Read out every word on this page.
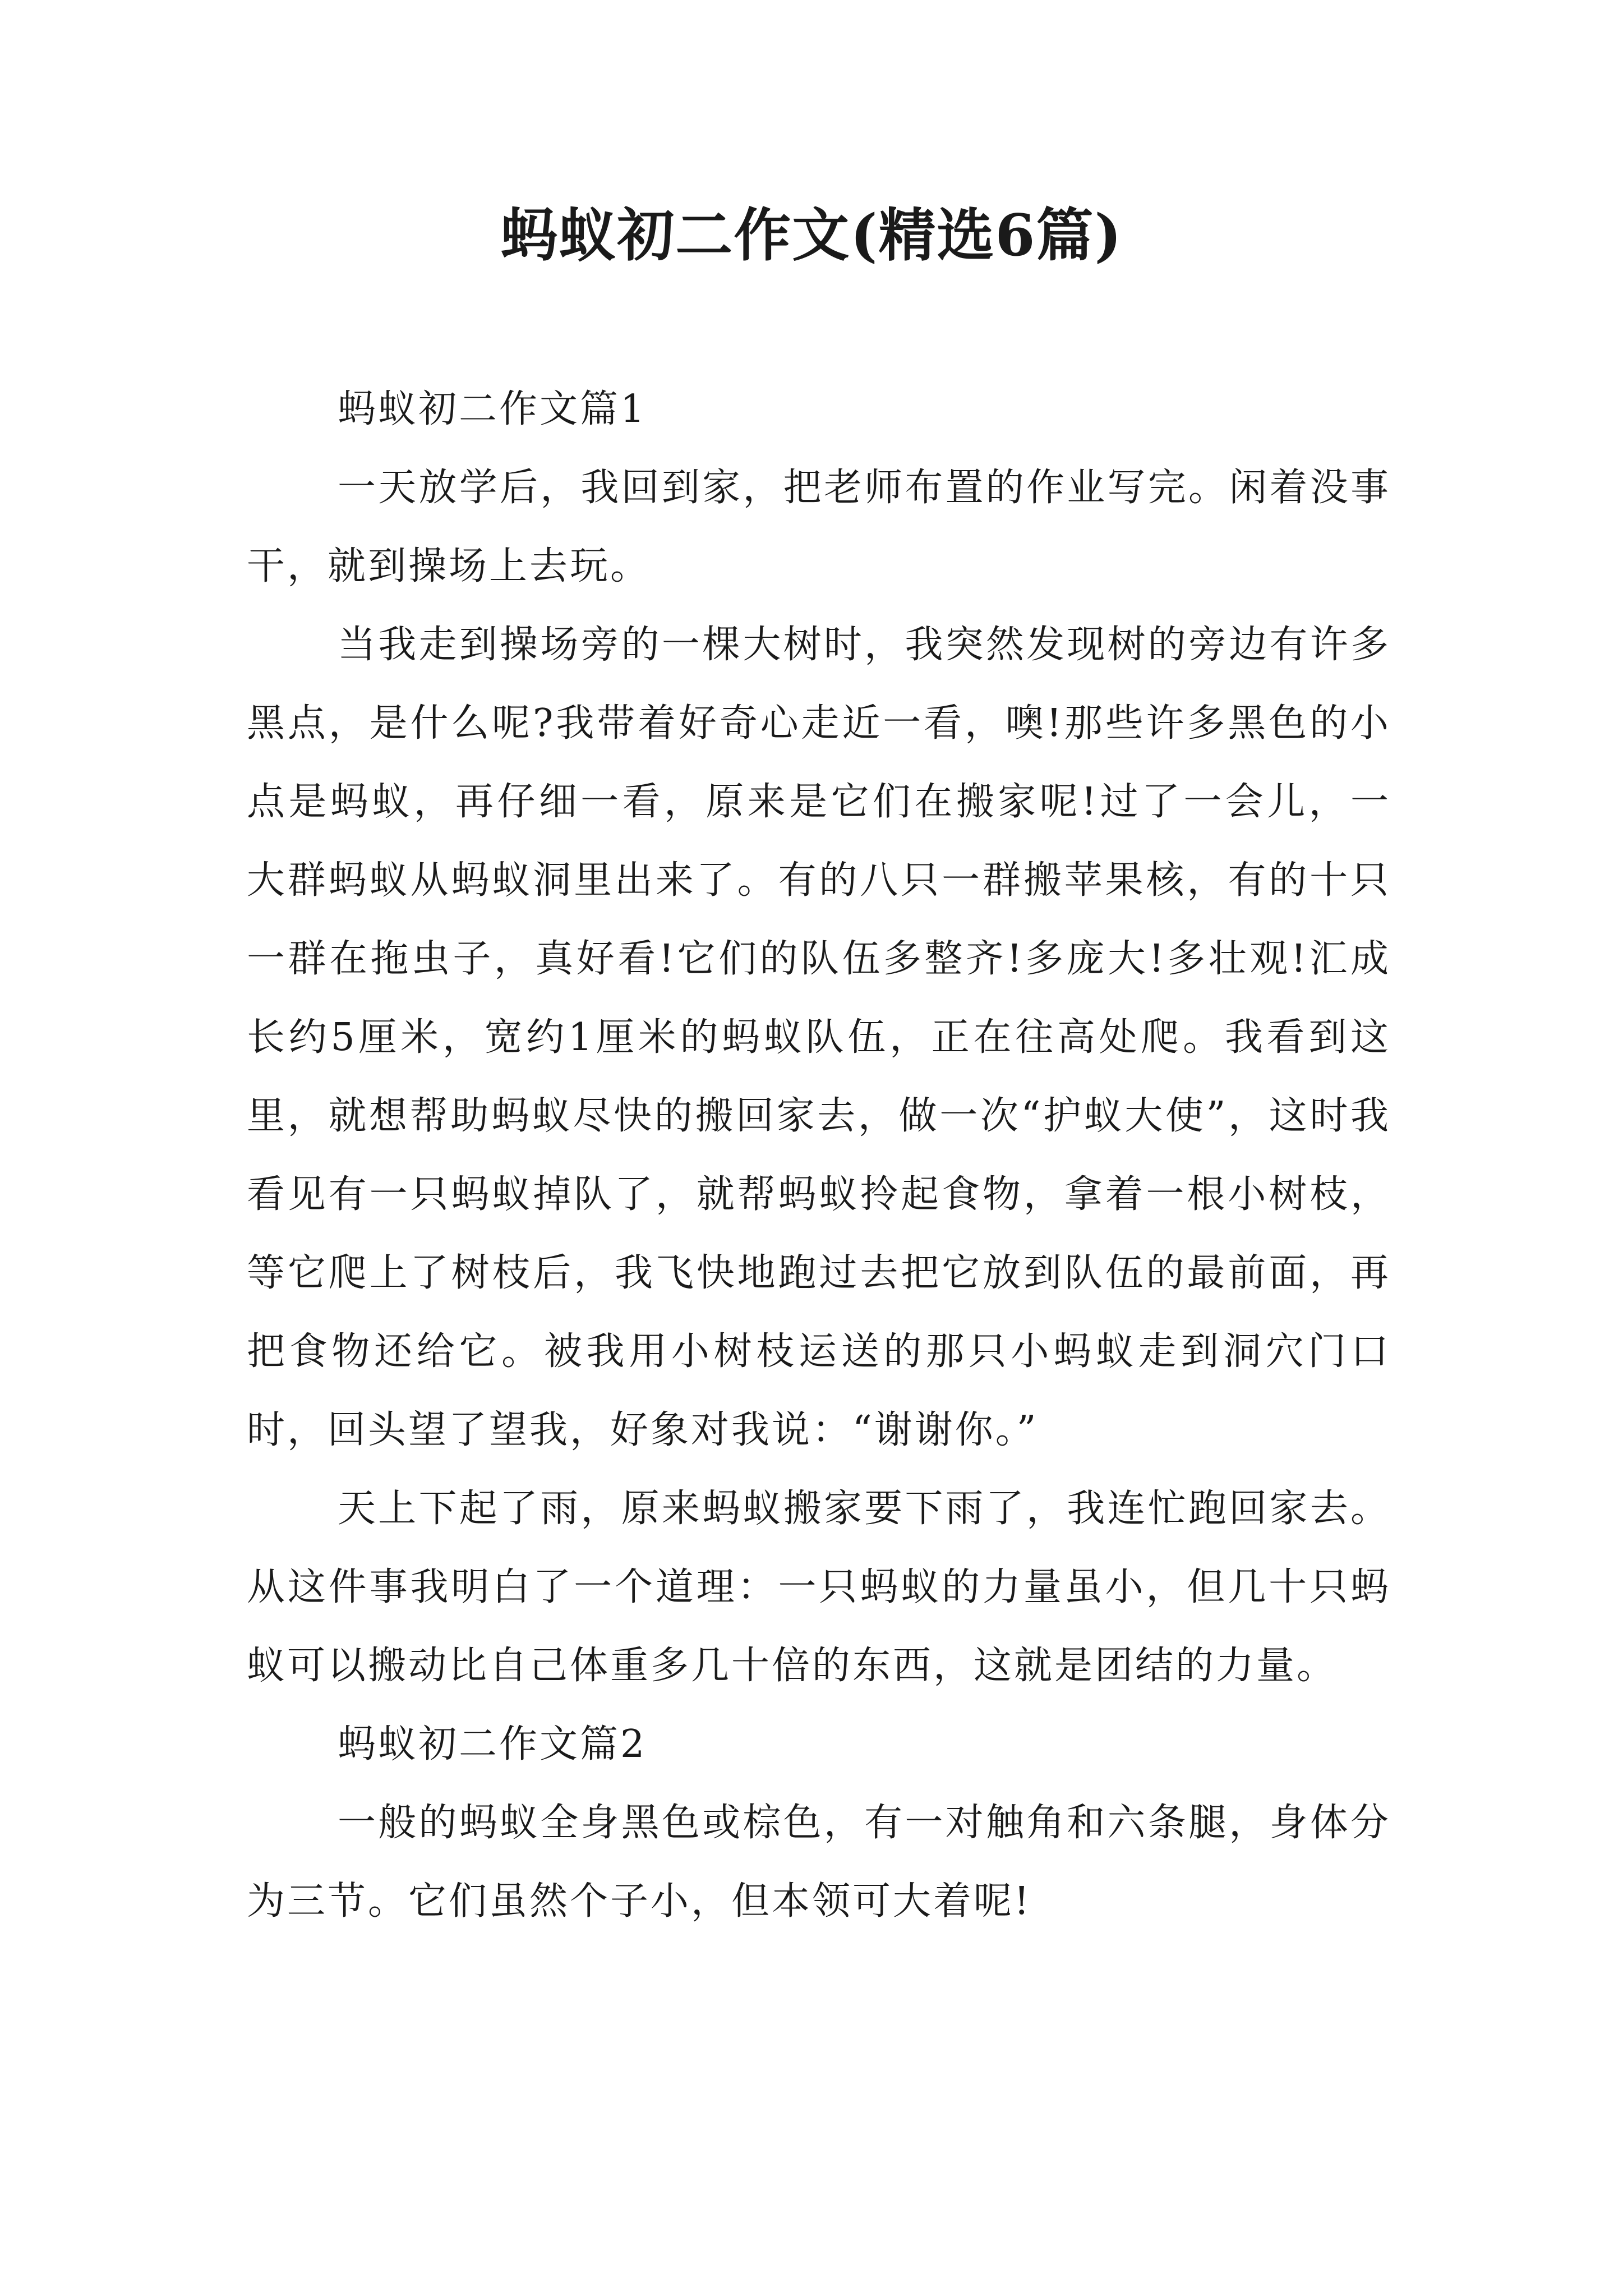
蚂蚁初二作文(精选6篇)

蚂蚁初二作文篇1

一天放学后，我回到家，把老师布置的作业写完。闲着没事干，就到操场上去玩。

当我走到操场旁的一棵大树时，我突然发现树的旁边有许多黑点，是什么呢?我带着好奇心走近一看，噢!那些许多黑色的小点是蚂蚁，再仔细一看，原来是它们在搬家呢!过了一会儿，一大群蚂蚁从蚂蚁洞里出来了。有的八只一群搬苹果核，有的十只一群在拖虫子，真好看!它们的队伍多整齐!多庞大!多壮观!汇成长约5厘米，宽约1厘米的蚂蚁队伍，正在往高处爬。我看到这里，就想帮助蚂蚁尽快的搬回家去，做一次“护蚁大使”，这时我看见有一只蚂蚁掉队了，就帮蚂蚁拎起食物，拿着一根小树枝，等它爬上了树枝后，我飞快地跑过去把它放到队伍的最前面，再把食物还给它。被我用小树枝运送的那只小蚂蚁走到洞穴门口时，回头望了望我，好象对我说：“谢谢你。”

天上下起了雨，原来蚂蚁搬家要下雨了，我连忙跑回家去。从这件事我明白了一个道理：一只蚂蚁的力量虽小，但几十只蚂蚁可以搬动比自己体重多几十倍的东西，这就是团结的力量。

蚂蚁初二作文篇2

一般的蚂蚁全身黑色或棕色，有一对触角和六条腿，身体分为三节。它们虽然个子小，但本领可大着呢!
